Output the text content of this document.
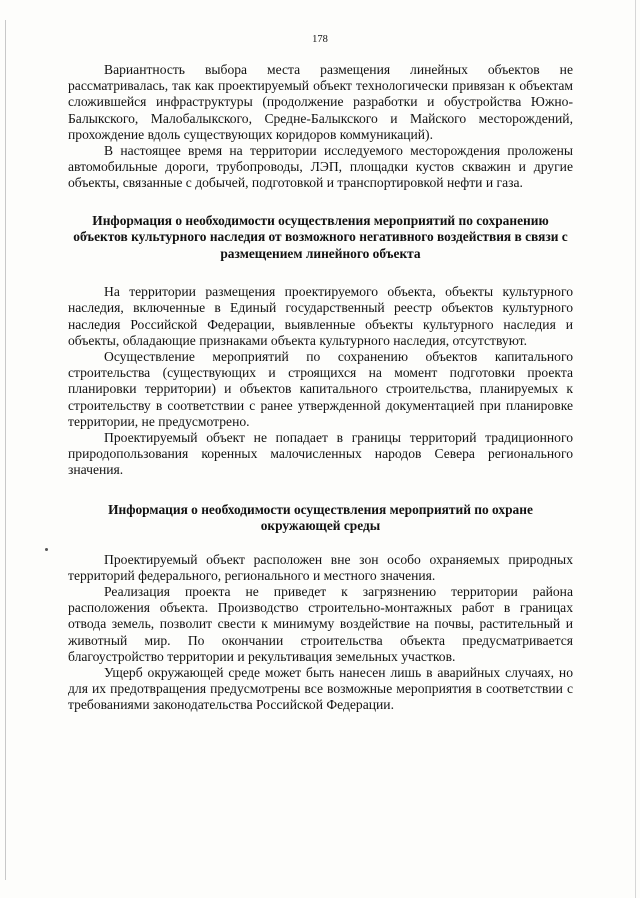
178

Вариантность выбора места размещения линейных объектов не рассматривалась, так как проектируемый объект технологически привязан к объектам сложившейся инфраструктуры (продолжение разработки и обустройства Южно-Балыкского, Малобалыкского, Средне-Балыкского и Майского месторождений, прохождение вдоль существующих коридоров коммуникаций).

В настоящее время на территории исследуемого месторождения проложены автомобильные дороги, трубопроводы, ЛЭП, площадки кустов скважин и другие объекты, связанные с добычей, подготовкой и транспортировкой нефти и газа.

Информация о необходимости осуществления мероприятий по сохранению объектов культурного наследия от возможного негативного воздействия в связи с размещением линейного объекта

На территории размещения проектируемого объекта, объекты культурного наследия, включенные в Единый государственный реестр объектов культурного наследия Российской Федерации, выявленные объекты культурного наследия и объекты, обладающие признаками объекта культурного наследия, отсутствуют.

Осуществление мероприятий по сохранению объектов капитального строительства (существующих и строящихся на момент подготовки проекта планировки территории) и объектов капитального строительства, планируемых к строительству в соответствии с ранее утвержденной документацией при планировке территории, не предусмотрено.

Проектируемый объект не попадает в границы территорий традиционного природопользования коренных малочисленных народов Севера регионального значения.

Информация о необходимости осуществления мероприятий по охране окружающей среды

Проектируемый объект расположен вне зон особо охраняемых природных территорий федерального, регионального и местного значения.

Реализация проекта не приведет к загрязнению территории района расположения объекта. Производство строительно-монтажных работ в границах отвода земель, позволит свести к минимуму воздействие на почвы, растительный и животный мир. По окончании строительства объекта предусматривается благоустройство территории и рекультивация земельных участков.

Ущерб окружающей среде может быть нанесен лишь в аварийных случаях, но для их предотвращения предусмотрены все возможные мероприятия в соответствии с требованиями законодательства Российской Федерации.
